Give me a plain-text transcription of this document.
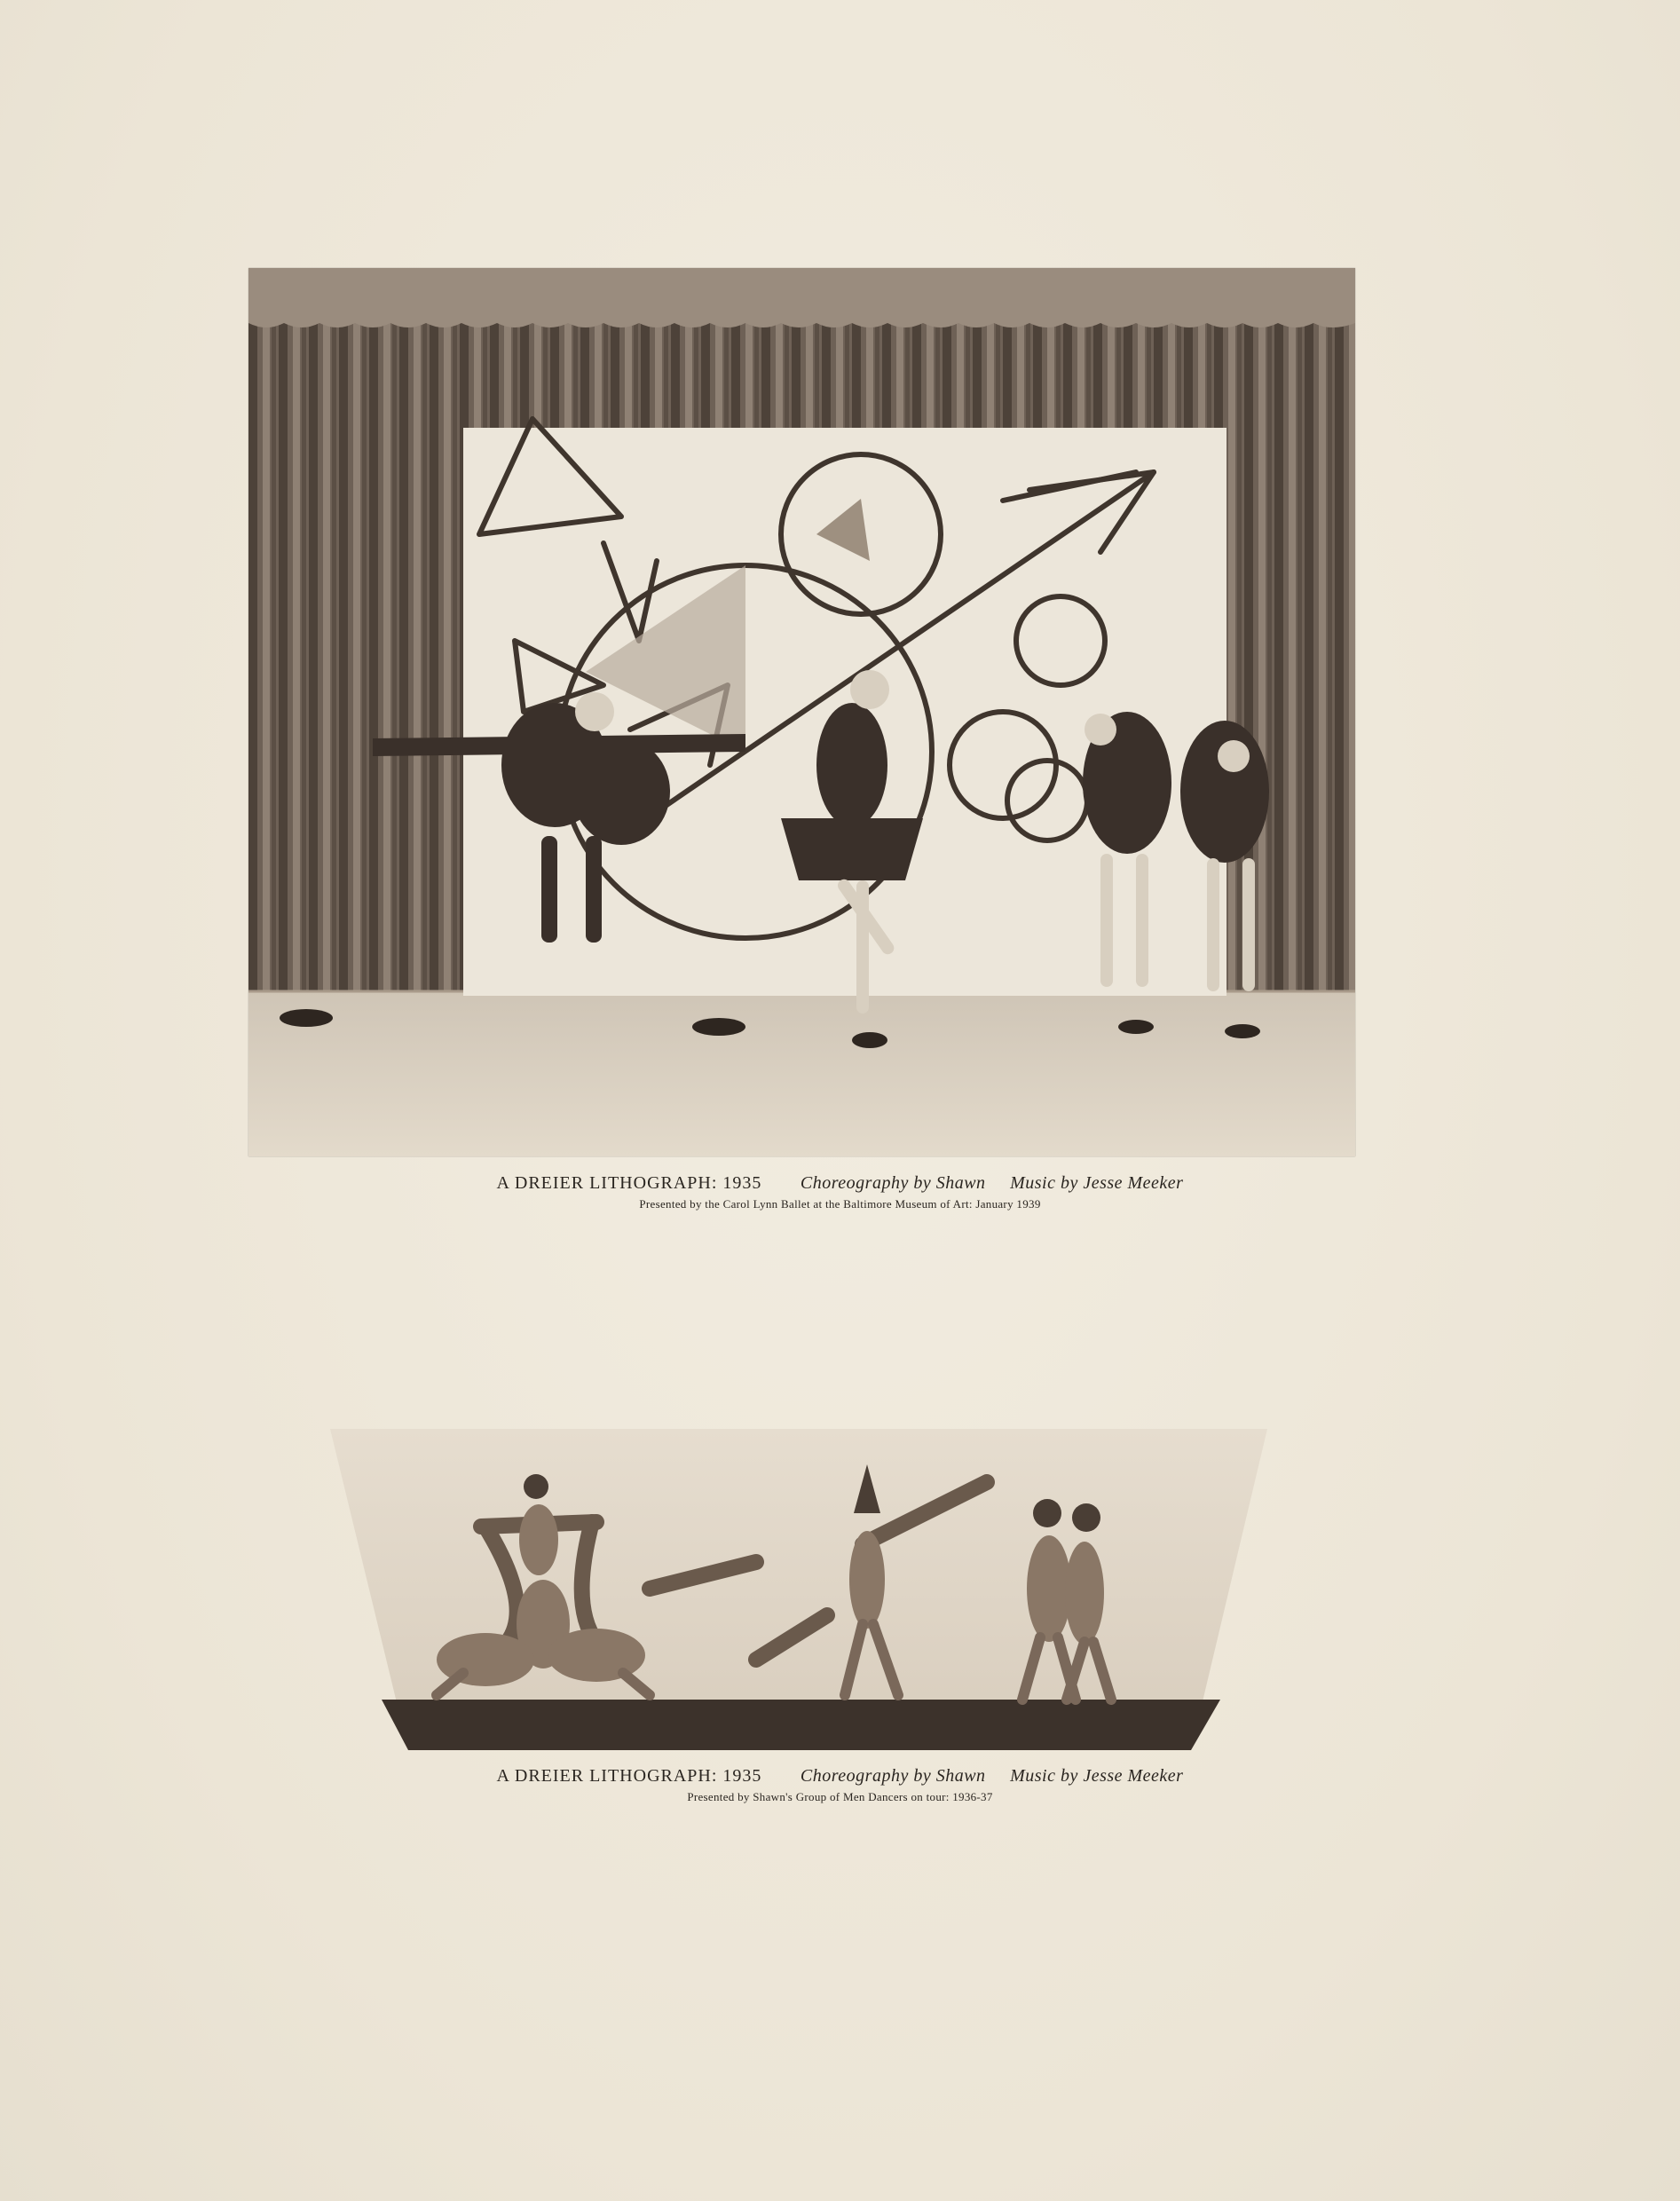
A DREIER LITHOGRAPH: 1935 Choreography by Shawn Music by Jesse Meeker
Presented by the Carol Lynn Ballet at the Baltimore Museum of Art: January 1939
A DREIER LITHOGRAPH: 1935 Choreography by Shawn Music by Jesse Meeker
Presented by Shawn's Group of Men Dancers on tour: 1936-37
